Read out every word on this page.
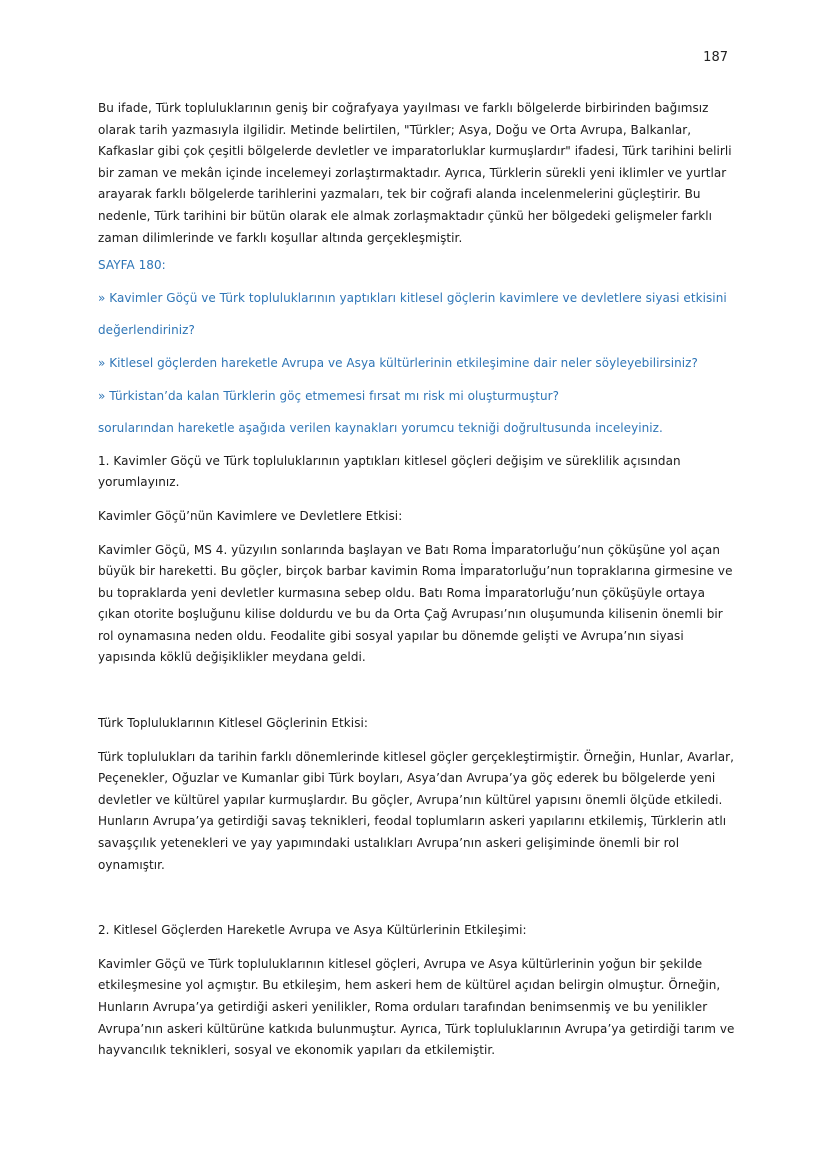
187

Bu ifade, Türk topluluklarının geniş bir coğrafyaya yayılması ve farklı bölgelerde birbirinden bağımsız olarak tarih yazmasıyla ilgilidir. Metinde belirtilen, "Türkler; Asya, Doğu ve Orta Avrupa, Balkanlar, Kafkaslar gibi çok çeşitli bölgelerde devletler ve imparatorluklar kurmuşlardır" ifadesi, Türk tarihini belirli bir zaman ve mekân içinde incelemeyi zorlaştırmaktadır. Ayrıca, Türklerin sürekli yeni iklimler ve yurtlar arayarak farklı bölgelerde tarihlerini yazmaları, tek bir coğrafi alanda incelenmelerini güçleştirir. Bu nedenle, Türk tarihini bir bütün olarak ele almak zorlaşmaktadır çünkü her bölgedeki gelişmeler farklı zaman dilimlerinde ve farklı koşullar altında gerçekleşmiştir.

SAYFA 180:

» Kavimler Göçü ve Türk topluluklarının yaptıkları kitlesel göçlerin kavimlere ve devletlere siyasi etkisini

değerlendiriniz?

» Kitlesel göçlerden hareketle Avrupa ve Asya kültürlerinin etkileşimine dair neler söyleyebilirsiniz?

» Türkistan’da kalan Türklerin göç etmemesi fırsat mı risk mi oluşturmuştur?

sorularından hareketle aşağıda verilen kaynakları yorumcu tekniği doğrultusunda inceleyiniz.

1. Kavimler Göçü ve Türk topluluklarının yaptıkları kitlesel göçleri değişim ve süreklilik açısından yorumlayınız.

Kavimler Göçü’nün Kavimlere ve Devletlere Etkisi:

Kavimler Göçü, MS 4. yüzyılın sonlarında başlayan ve Batı Roma İmparatorluğu’nun çöküşüne yol açan büyük bir hareketti. Bu göçler, birçok barbar kavimin Roma İmparatorluğu’nun topraklarına girmesine ve bu topraklarda yeni devletler kurmasına sebep oldu. Batı Roma İmparatorluğu’nun çöküşüyle ortaya çıkan otorite boşluğunu kilise doldurdu ve bu da Orta Çağ Avrupası’nın oluşumunda kilisenin önemli bir rol oynamasına neden oldu. Feodalite gibi sosyal yapılar bu dönemde gelişti ve Avrupa’nın siyasi yapısında köklü değişiklikler meydana geldi.

Türk Topluluklarının Kitlesel Göçlerinin Etkisi:

Türk toplulukları da tarihin farklı dönemlerinde kitlesel göçler gerçekleştirmiştir. Örneğin, Hunlar, Avarlar, Peçenekler, Oğuzlar ve Kumanlar gibi Türk boyları, Asya’dan Avrupa’ya göç ederek bu bölgelerde yeni devletler ve kültürel yapılar kurmuşlardır. Bu göçler, Avrupa’nın kültürel yapısını önemli ölçüde etkiledi. Hunların Avrupa’ya getirdiği savaş teknikleri, feodal toplumların askeri yapılarını etkilemiş, Türklerin atlı savaşçılık yetenekleri ve yay yapımındaki ustalıkları Avrupa’nın askeri gelişiminde önemli bir rol oynamıştır.

2. Kitlesel Göçlerden Hareketle Avrupa ve Asya Kültürlerinin Etkileşimi:

Kavimler Göçü ve Türk topluluklarının kitlesel göçleri, Avrupa ve Asya kültürlerinin yoğun bir şekilde etkileşmesine yol açmıştır. Bu etkileşim, hem askeri hem de kültürel açıdan belirgin olmuştur. Örneğin, Hunların Avrupa’ya getirdiği askeri yenilikler, Roma orduları tarafından benimsenmiş ve bu yenilikler Avrupa’nın askeri kültürüne katkıda bulunmuştur. Ayrıca, Türk topluluklarının Avrupa’ya getirdiği tarım ve hayvancılık teknikleri, sosyal ve ekonomik yapıları da etkilemiştir.
